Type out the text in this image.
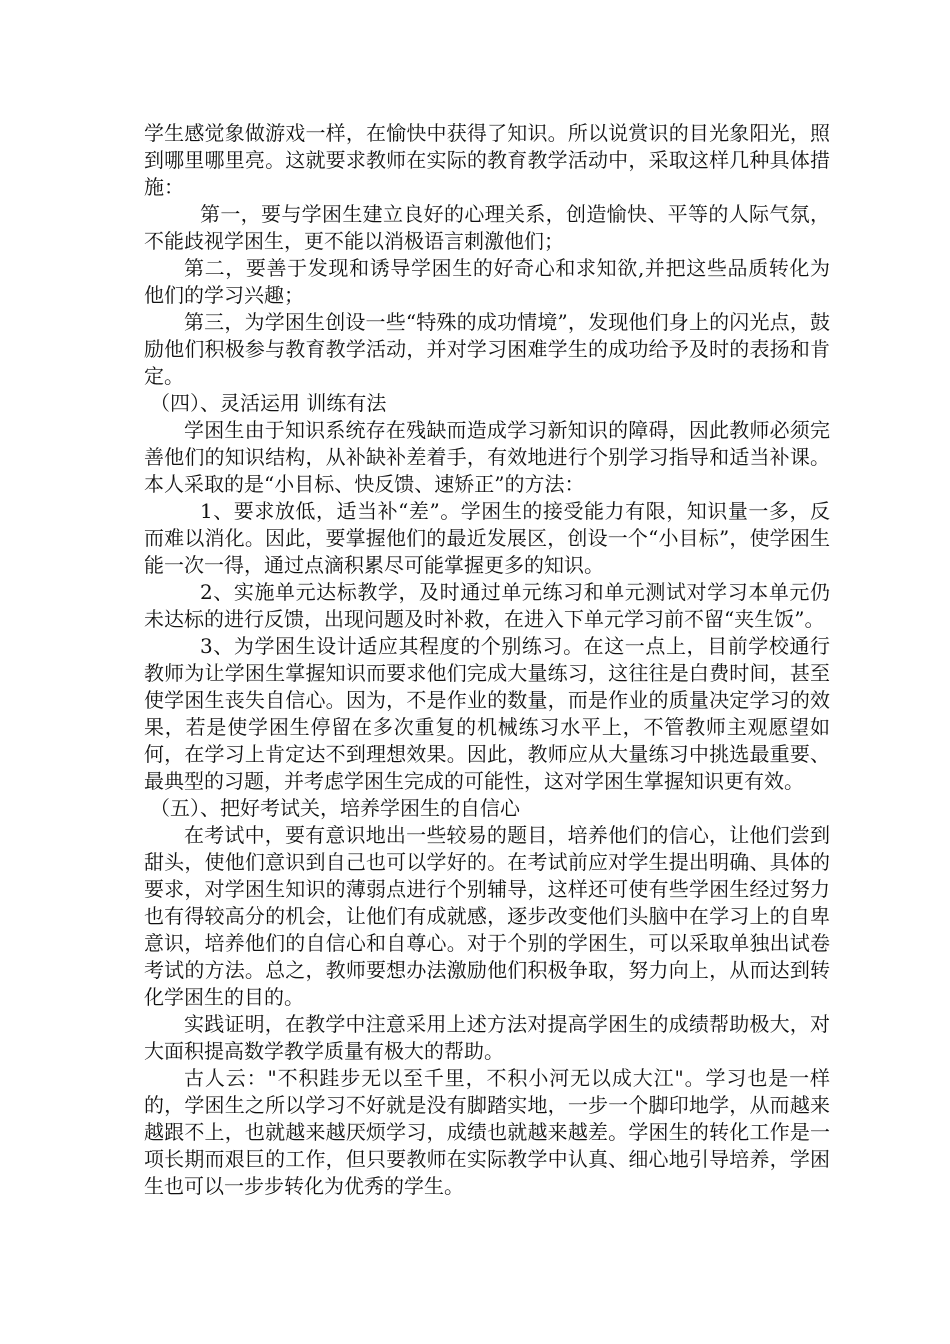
学生感觉象做游戏一样，在愉快中获得了知识。所以说赏识的目光象阳光，照到哪里哪里亮。这就要求教师在实际的教育教学活动中，采取这样几种具体措施：

第一，要与学困生建立良好的心理关系，创造愉快、平等的人际气氛，不能歧视学困生，更不能以消极语言刺激他们；

第二，要善于发现和诱导学困生的好奇心和求知欲,并把这些品质转化为他们的学习兴趣；

第三，为学困生创设一些“特殊的成功情境”，发现他们身上的闪光点，鼓励他们积极参与教育教学活动，并对学习困难学生的成功给予及时的表扬和肯定。

（四）、灵活运用 训练有法

学困生由于知识系统存在残缺而造成学习新知识的障碍，因此教师必须完善他们的知识结构，从补缺补差着手，有效地进行个别学习指导和适当补课。本人采取的是“小目标、快反馈、速矫正”的方法：

1、要求放低，适当补“差”。学困生的接受能力有限，知识量一多，反而难以消化。因此，要掌握他们的最近发展区，创设一个“小目标”，使学困生能一次一得，通过点滴积累尽可能掌握更多的知识。

2、实施单元达标教学，及时通过单元练习和单元测试对学习本单元仍未达标的进行反馈，出现问题及时补救，在进入下单元学习前不留“夹生饭”。

3、为学困生设计适应其程度的个别练习。在这一点上，目前学校通行教师为让学困生掌握知识而要求他们完成大量练习，这往往是白费时间，甚至使学困生丧失自信心。因为，不是作业的数量，而是作业的质量决定学习的效果，若是使学困生停留在多次重复的机械练习水平上，不管教师主观愿望如何，在学习上肯定达不到理想效果。因此，教师应从大量练习中挑选最重要、最典型的习题，并考虑学困生完成的可能性，这对学困生掌握知识更有效。

（五）、把好考试关，培养学困生的自信心

在考试中，要有意识地出一些较易的题目，培养他们的信心，让他们尝到甜头，使他们意识到自己也可以学好的。在考试前应对学生提出明确、具体的要求，对学困生知识的薄弱点进行个别辅导，这样还可使有些学困生经过努力也有得较高分的机会，让他们有成就感，逐步改变他们头脑中在学习上的自卑意识，培养他们的自信心和自尊心。对于个别的学困生，可以采取单独出试卷考试的方法。总之，教师要想办法激励他们积极争取，努力向上，从而达到转化学困生的目的。

实践证明，在教学中注意采用上述方法对提高学困生的成绩帮助极大，对大面积提高数学教学质量有极大的帮助。

古人云："不积跬步无以至千里，不积小河无以成大江"。学习也是一样的，学困生之所以学习不好就是没有脚踏实地，一步一个脚印地学，从而越来越跟不上，也就越来越厌烦学习，成绩也就越来越差。学困生的转化工作是一项长期而艰巨的工作，但只要教师在实际教学中认真、细心地引导培养，学困生也可以一步步转化为优秀的学生。
